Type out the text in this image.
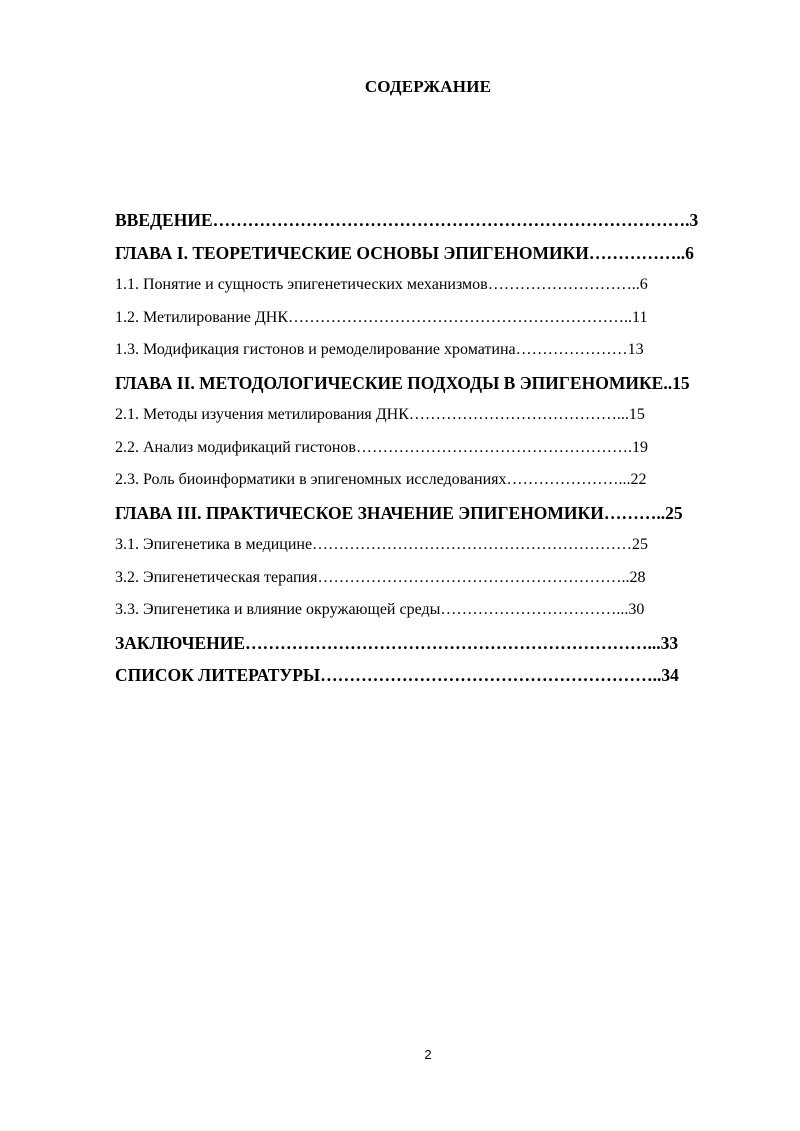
СОДЕРЖАНИЕ
ВВЕДЕНИЕ……………………………………………………………………….3
ГЛАВА I. ТЕОРЕТИЧЕСКИЕ ОСНОВЫ ЭПИГЕНОМИКИ……………..6
1.1. Понятие и сущность эпигенетических механизмов………………………..6
1.2. Метилирование ДНК………………………………………………………..11
1.3. Модификация гистонов и ремоделирование хроматина…………………13
ГЛАВА II. МЕТОДОЛОГИЧЕСКИЕ ПОДХОДЫ В ЭПИГЕНОМИКЕ..15
2.1. Методы изучения метилирования ДНК…………………………………...15
2.2. Анализ модификаций гистонов…………………………………………….19
2.3. Роль биоинформатики в эпигеномных исследованиях…………………...22
ГЛАВА III. ПРАКТИЧЕСКОЕ ЗНАЧЕНИЕ ЭПИГЕНОМИКИ………..25
3.1. Эпигенетика в медицине……………………………………………………25
3.2. Эпигенетическая терапия…………………………………………………..28
3.3. Эпигенетика и влияние окружающей среды……………………………...30
ЗАКЛЮЧЕНИЕ……………………………………………………………...33
СПИСОК ЛИТЕРАТУРЫ…………………………………………………..34
2
